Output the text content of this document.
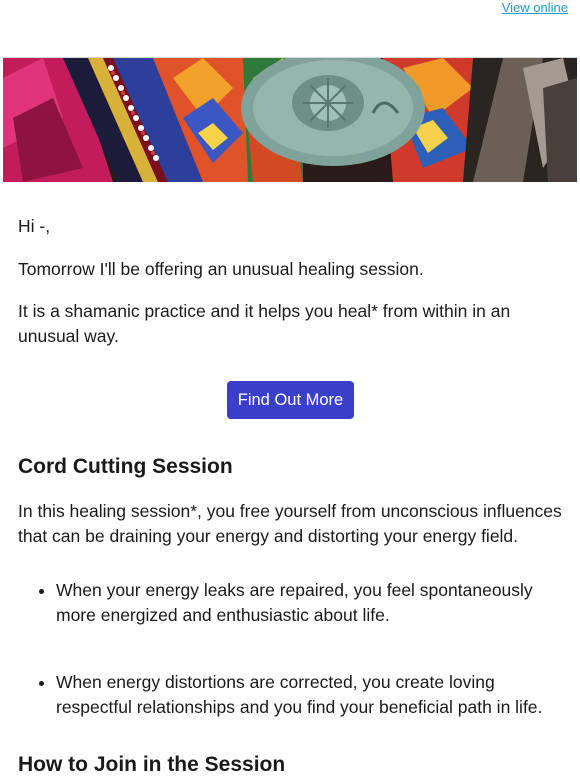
View online

Hi -,

Tomorrow I'll be offering an unusual healing session.

It is a shamanic practice and it helps you heal* from within in an unusual way.

Find Out More
Cord Cutting Session

In this healing session*, you free yourself from unconscious influences that can be draining your energy and distorting your energy field.

When your energy leaks are repaired, you feel spontaneously more energized and enthusiastic about life.
When energy distortions are corrected, you create loving respectful relationships and you find your beneficial path in life.
How to Join in the Session
